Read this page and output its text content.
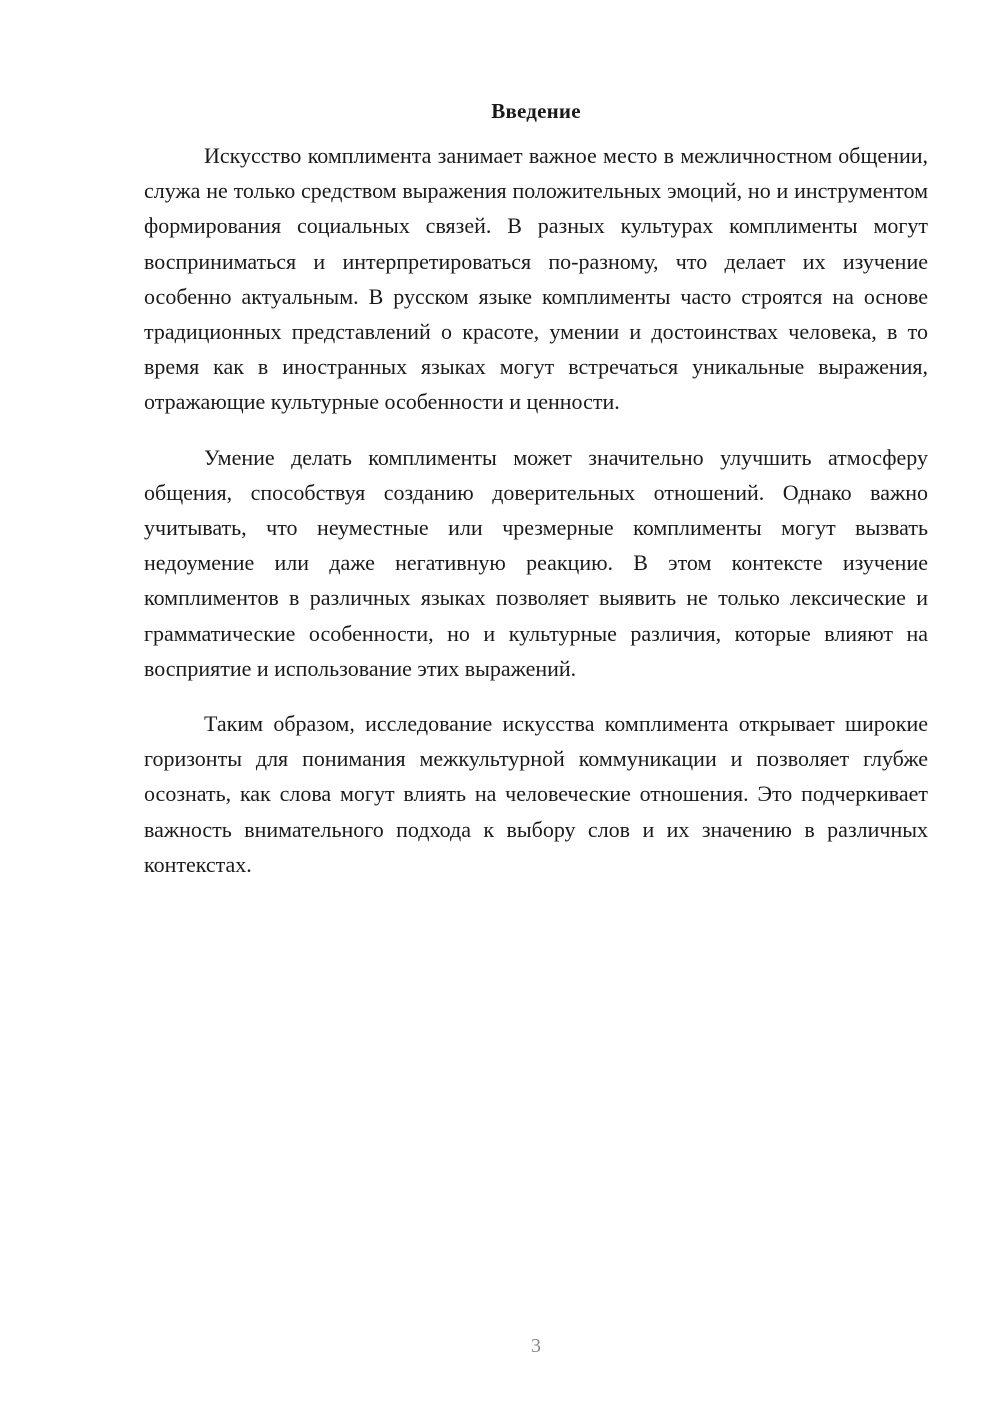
Введение

Искусство комплимента занимает важное место в межличностном общении, служа не только средством выражения положительных эмоций, но и инструментом формирования социальных связей. В разных культурах комплименты могут восприниматься и интерпретироваться по-разному, что делает их изучение особенно актуальным. В русском языке комплименты часто строятся на основе традиционных представлений о красоте, умении и достоинствах человека, в то время как в иностранных языках могут встречаться уникальные выражения, отражающие культурные особенности и ценности.

Умение делать комплименты может значительно улучшить атмосферу общения, способствуя созданию доверительных отношений. Однако важно учитывать, что неуместные или чрезмерные комплименты могут вызвать недоумение или даже негативную реакцию. В этом контексте изучение комплиментов в различных языках позволяет выявить не только лексические и грамматические особенности, но и культурные различия, которые влияют на восприятие и использование этих выражений.

Таким образом, исследование искусства комплимента открывает широкие горизонты для понимания межкультурной коммуникации и позволяет глубже осознать, как слова могут влиять на человеческие отношения. Это подчеркивает важность внимательного подхода к выбору слов и их значению в различных контекстах.

3
